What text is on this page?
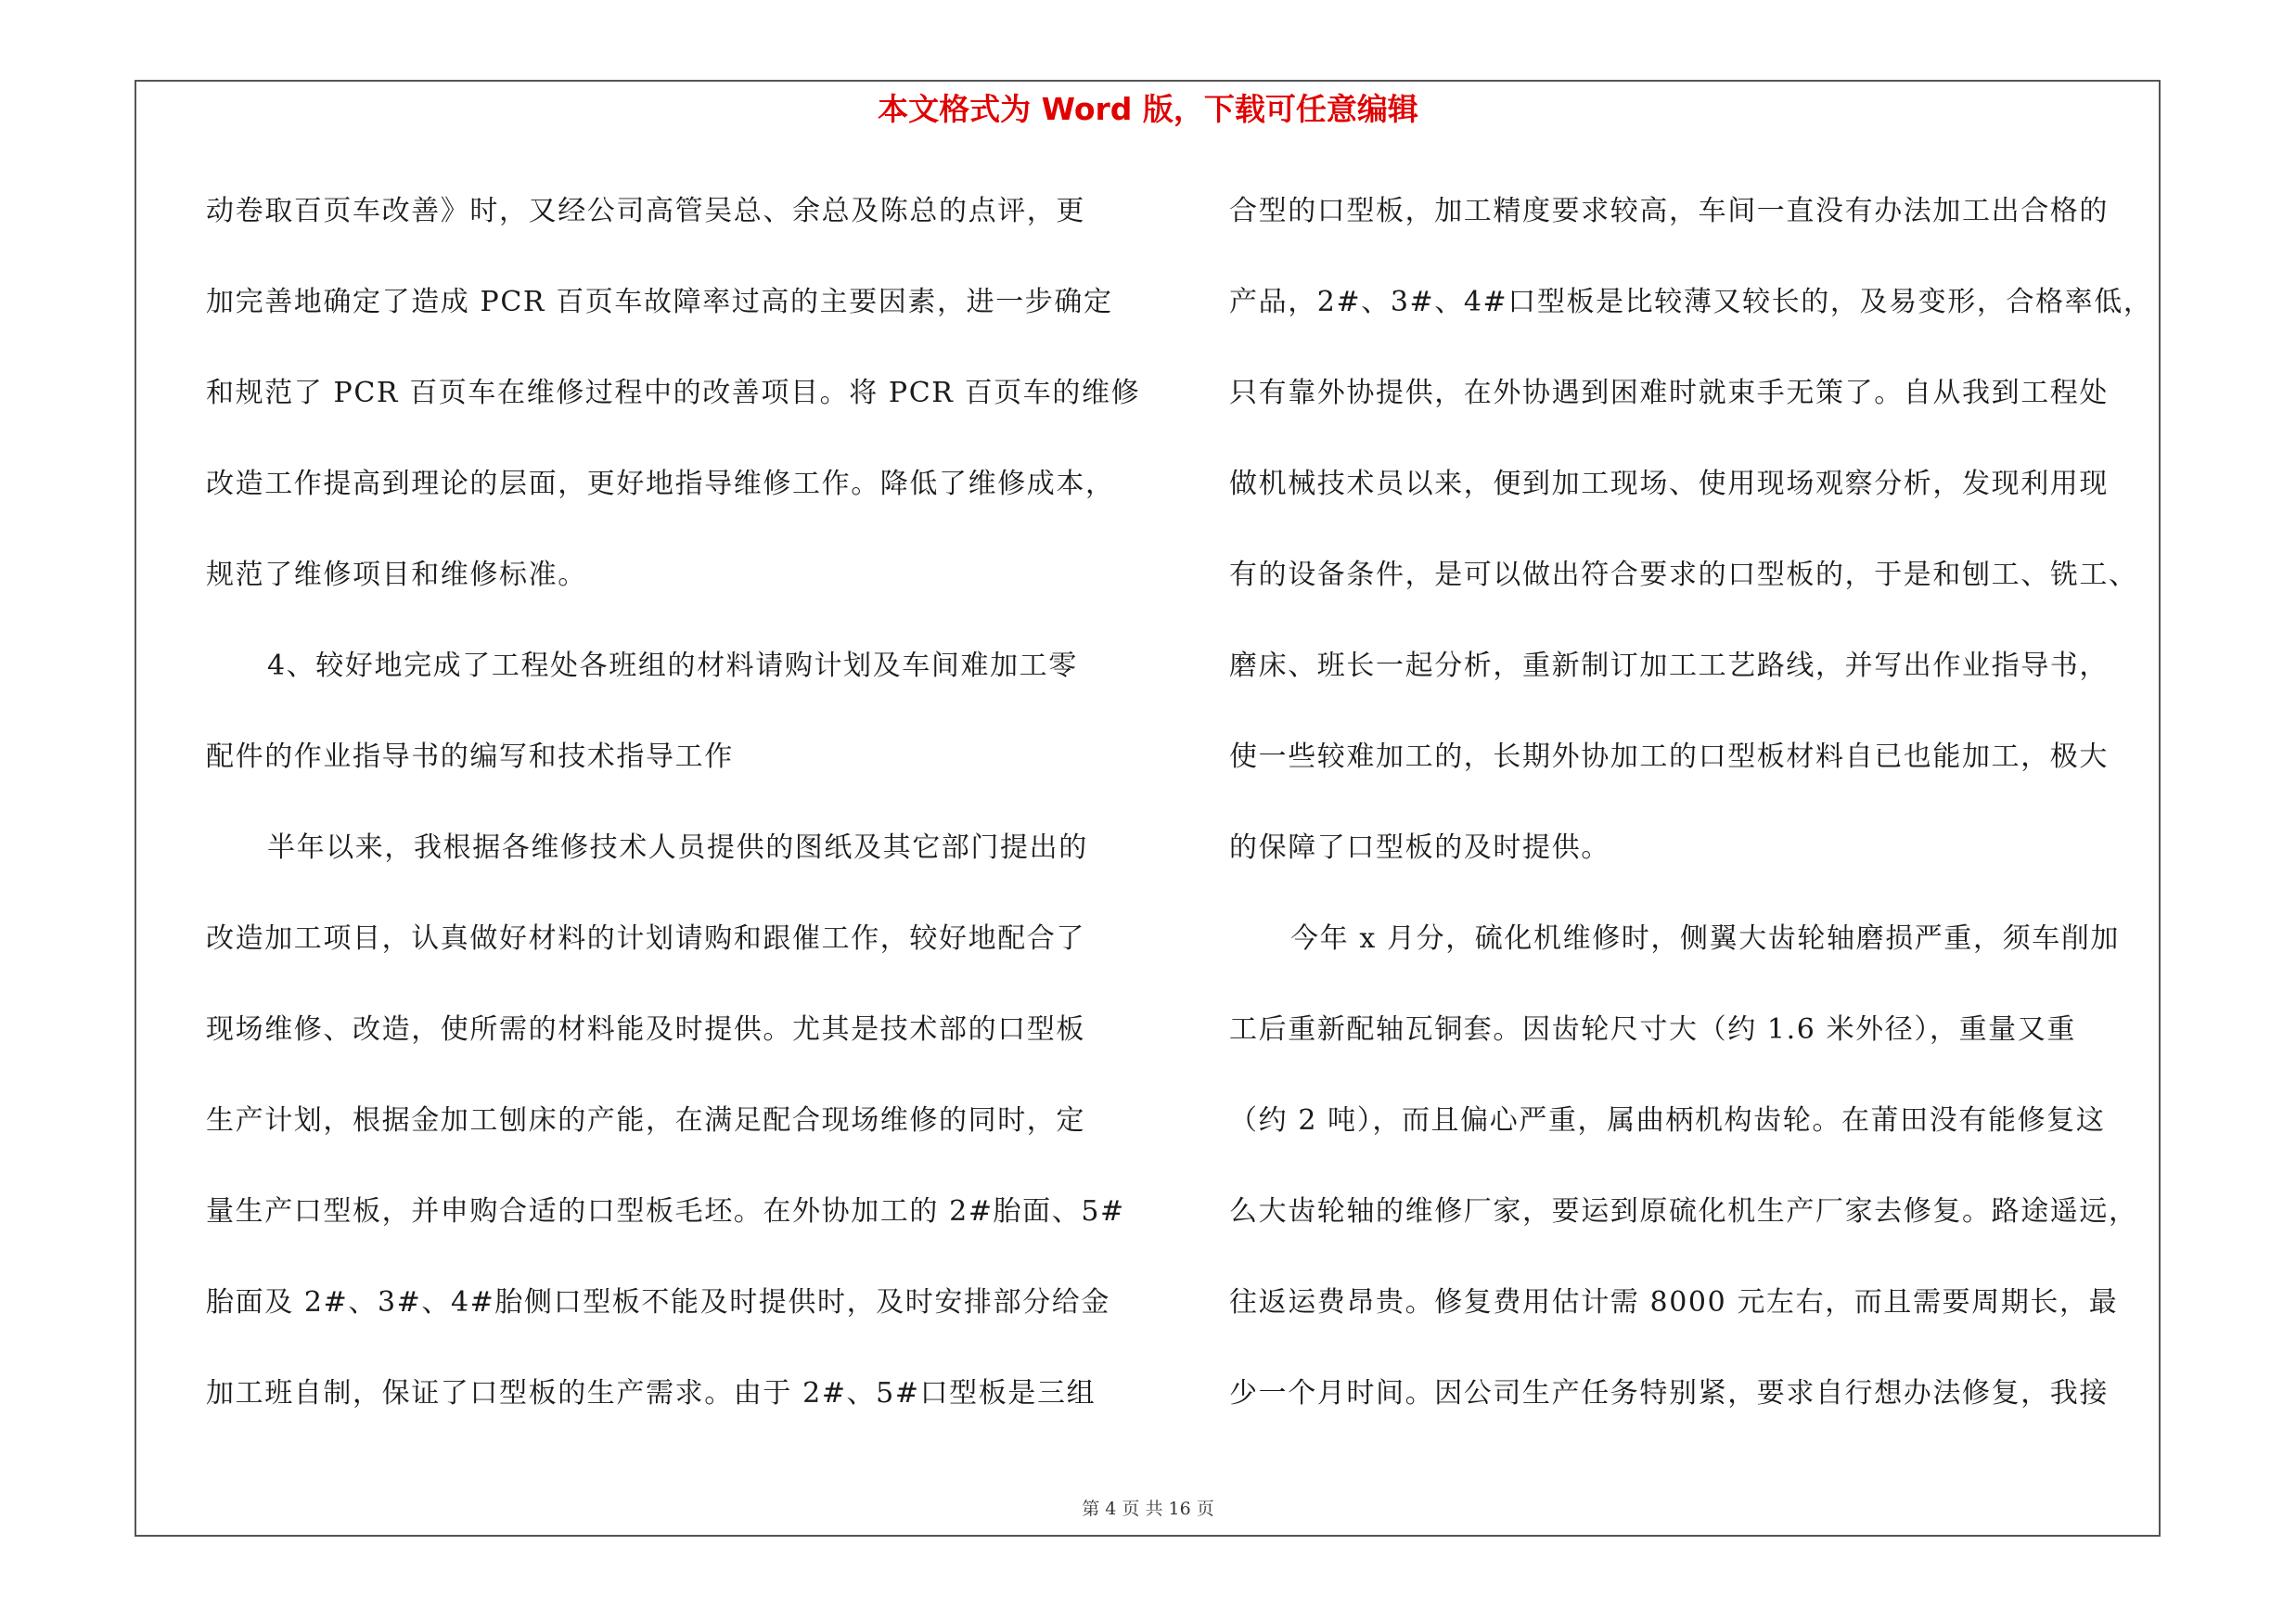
本文格式为 Word 版，下载可任意编辑
动卷取百页车改善》时，又经公司高管吴总、余总及陈总的点评，更
加完善地确定了造成 PCR 百页车故障率过高的主要因素，进一步确定
和规范了 PCR 百页车在维修过程中的改善项目。将 PCR 百页车的维修
改造工作提高到理论的层面，更好地指导维修工作。降低了维修成本，
规范了维修项目和维修标准。
4、较好地完成了工程处各班组的材料请购计划及车间难加工零
配件的作业指导书的编写和技术指导工作
半年以来，我根据各维修技术人员提供的图纸及其它部门提出的
改造加工项目，认真做好材料的计划请购和跟催工作，较好地配合了
现场维修、改造，使所需的材料能及时提供。尤其是技术部的口型板
生产计划，根据金加工刨床的产能，在满足配合现场维修的同时，定
量生产口型板，并申购合适的口型板毛坯。在外协加工的 2#胎面、5#
胎面及 2#、3#、4#胎侧口型板不能及时提供时，及时安排部分给金
加工班自制，保证了口型板的生产需求。由于 2#、5#口型板是三组
合型的口型板，加工精度要求较高，车间一直没有办法加工出合格的
产品，2#、3#、4#口型板是比较薄又较长的，及易变形，合格率低，
只有靠外协提供，在外协遇到困难时就束手无策了。自从我到工程处
做机械技术员以来，便到加工现场、使用现场观察分析，发现利用现
有的设备条件，是可以做出符合要求的口型板的，于是和刨工、铣工、
磨床、班长一起分析，重新制订加工工艺路线，并写出作业指导书，
使一些较难加工的，长期外协加工的口型板材料自已也能加工，极大
的保障了口型板的及时提供。
今年 x 月分，硫化机维修时，侧翼大齿轮轴磨损严重，须车削加
工后重新配轴瓦铜套。因齿轮尺寸大（约 1.6 米外径），重量又重
（约 2 吨），而且偏心严重，属曲柄机构齿轮。在莆田没有能修复这
么大齿轮轴的维修厂家，要运到原硫化机生产厂家去修复。路途遥远，
往返运费昂贵。修复费用估计需 8000 元左右，而且需要周期长，最
少一个月时间。因公司生产任务特别紧，要求自行想办法修复，我接
第 4 页 共 16 页
